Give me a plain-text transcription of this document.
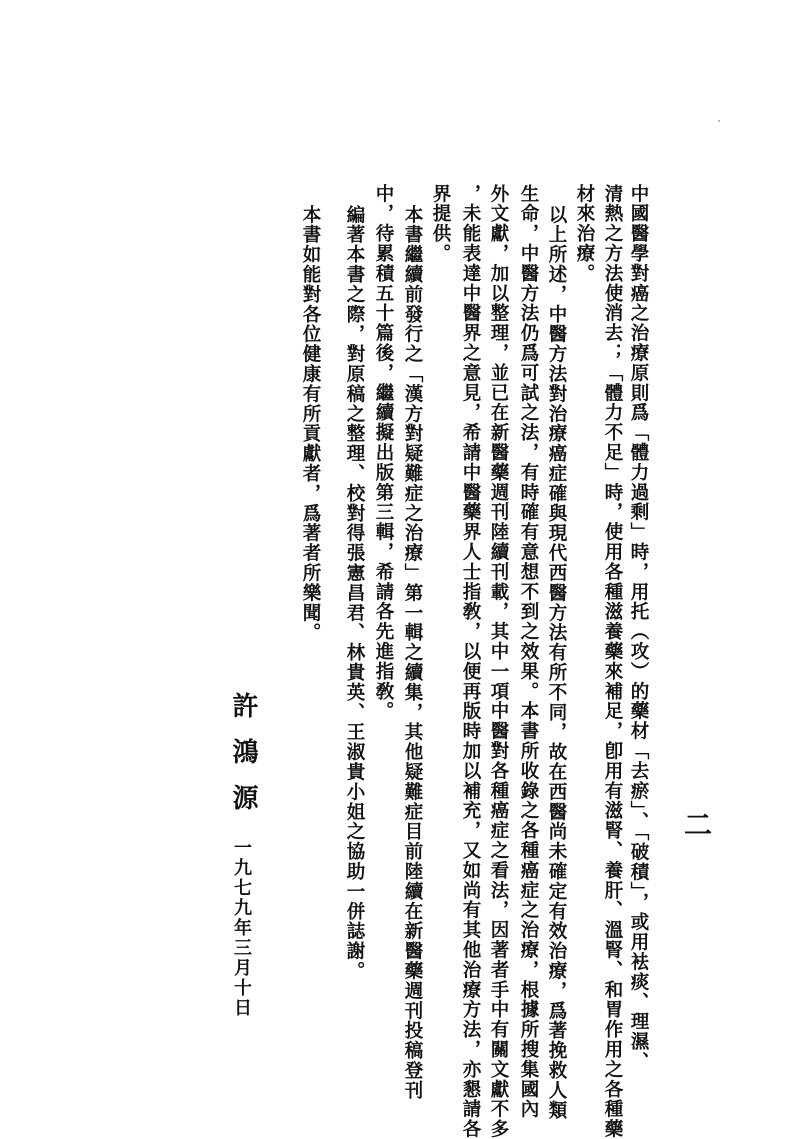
二
中國醫學對癌之治療原則爲「體力過剩」時，用托（攻）的藥材「去瘀」、「破積」，或用袪痰、理濕、
清熱之方法使消去；「體力不足」時，使用各種滋養藥來補足，卽用有滋腎、養肝、溫腎、和胃作用之各種藥
材來治療。
以上所述，中醫方法對治療癌症確與現代西醫方法有所不同，故在西醫尚未確定有效治療，爲著挽救人類
生命，中醫方法仍爲可試之法，有時確有意想不到之效果。本書所收錄之各種癌症之治療，根據所搜集國內
外文獻，加以整理，並已在新醫藥週刊陸續刊載，其中一項中醫對各種癌症之看法，因著者手中有關文獻不多
，未能表達中醫界之意見，希請中醫藥界人士指敎，以便再版時加以補充，又如尚有其他治療方法，亦懇請各
界提供。
本書繼續前發行之「漢方對疑難症之治療」第一輯之續集，其他疑難症目前陸續在新醫藥週刊投稿登刊
中，待累積五十篇後，繼續擬出版第三輯，希請各先進指敎。
編著本書之際，對原稿之整理、校對得張憲昌君、林貴英、王淑貴小姐之協助一併誌謝。
本書如能對各位健康有所貢獻者，爲著者所樂聞。
許鴻源
一九七九年三月十日
